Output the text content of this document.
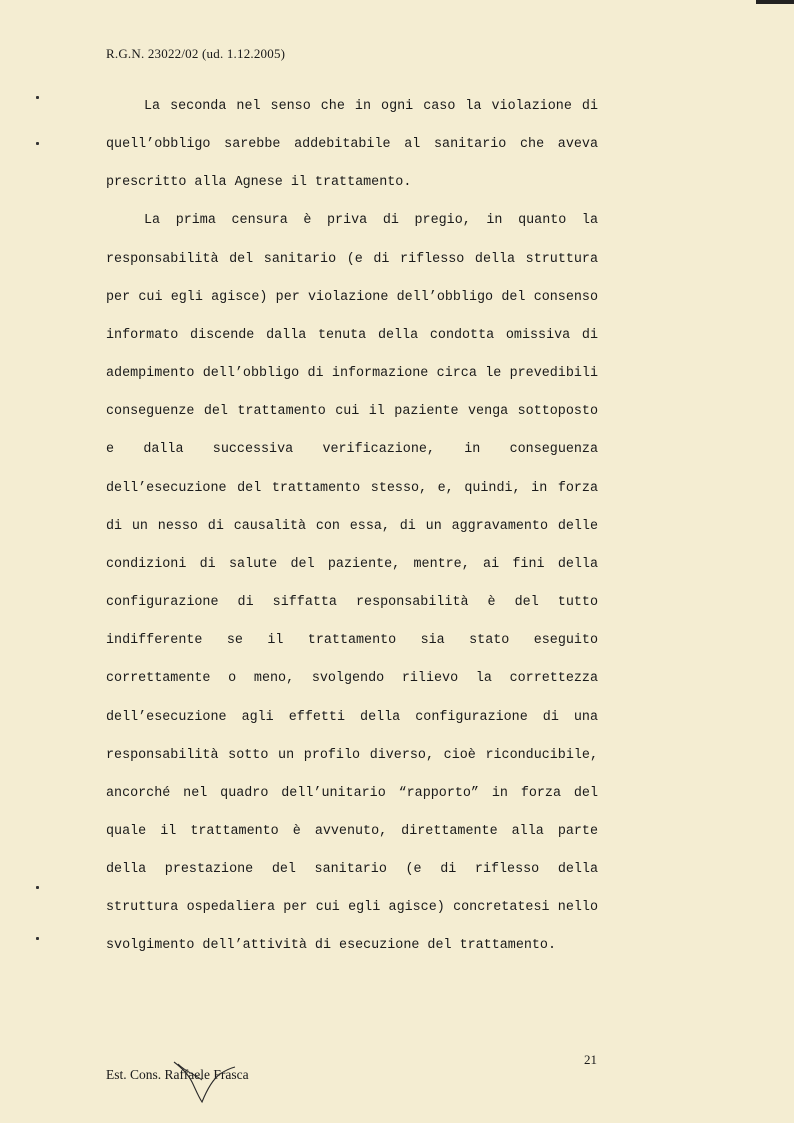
R.G.N. 23022/02 (ud. 1.12.2005)

La seconda nel senso che in ogni caso la violazione di quell’obbligo sarebbe addebitabile al sanitario che aveva prescritto alla Agnese il trattamento.

La prima censura è priva di pregio, in quanto la responsabilità del sanitario (e di riflesso della struttura per cui egli agisce) per violazione dell’obbligo del consenso informato discende dalla tenuta della condotta omissiva di adempimento dell’obbligo di informazione circa le prevedibili conseguenze del trattamento cui il paziente venga sottoposto e dalla successiva verificazione, in conseguenza dell’esecuzione del trattamento stesso, e, quindi, in forza di un nesso di causalità con essa, di un aggravamento delle condizioni di salute del paziente, mentre, ai fini della configurazione di siffatta responsabilità è del tutto indifferente se il trattamento sia stato eseguito correttamente o meno, svolgendo rilievo la correttezza dell’esecuzione agli effetti della configurazione di una responsabilità sotto un profilo diverso, cioè riconducibile, ancorché nel quadro dell’unitario “rapporto” in forza del quale il trattamento è avvenuto, direttamente alla parte della prestazione del sanitario (e di riflesso della struttura ospedaliera per cui egli agisce) concretatesi nello svolgimento dell’attività di esecuzione del trattamento.

21
Est. Cons. Raffaele Frasca
